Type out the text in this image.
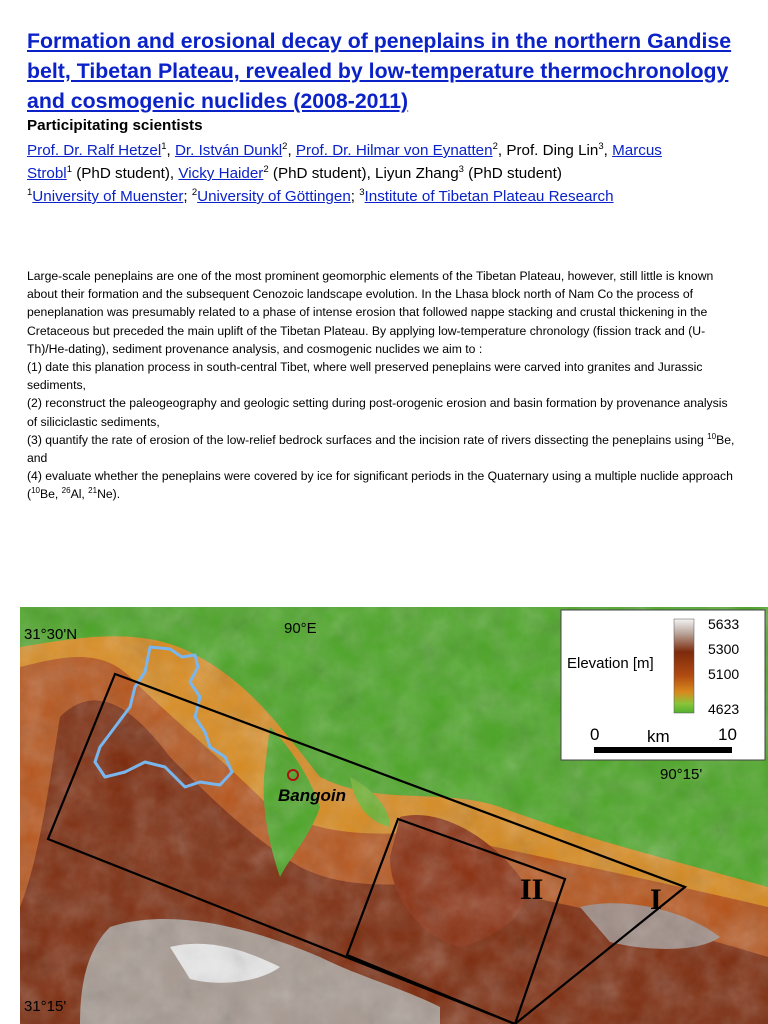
Formation and erosional decay of peneplains in the northern Gandise belt, Tibetan Plateau, revealed by low-temperature thermochronology and cosmogenic nuclides (2008-2011)
Participitating scientists
Prof. Dr. Ralf Hetzel$^1$, Dr. István Dunkl$^2$, Prof. Dr. Hilmar von Eynatten$^2$, Prof. Ding Lin$^3$, Marcus Strobl$^1$ (PhD student), Vicky Haider$^2$ (PhD student), Liyun Zhang$^3$ (PhD student)
$^1$University of Muenster; $^2$University of Göttingen; $^3$Institute of Tibetan Plateau Research

Large-scale peneplains are one of the most prominent geomorphic elements of the Tibetan Plateau, however, still little is known about their formation and the subsequent Cenozoic landscape evolution. In the Lhasa block north of Nam Co the process of peneplanation was presumably related to a phase of intense erosion that followed nappe stacking and crustal thickening in the Cretaceous but preceded the main uplift of the Tibetan Plateau. By applying low-temperature chronology (fission track and (U-Th)/He-dating), sediment provenance analysis, and cosmogenic nuclides we aim to :

(1) date this planation process in south-central Tibet, where well preserved peneplains were carved into granites and Jurassic sediments,

(2) reconstruct the paleogeography and geologic setting during post-orogenic erosion and basin formation by provenance analysis of siliciclastic sediments,

(3) quantify the rate of erosion of the low-relief bedrock surfaces and the incision rate of rivers dissecting the peneplains using $^{10}$Be, and

(4) evaluate whether the peneplains were covered by ice for significant periods in the Quaternary using a multiple nuclide approach ($^{10}$Be, $^{26}$Al, $^{21}$Ne).

II	I
Bangoin
31°30'N	90°E
90°15'
31°15'
Elevation [m]
5633
5300
5100
4623
0	km	10
